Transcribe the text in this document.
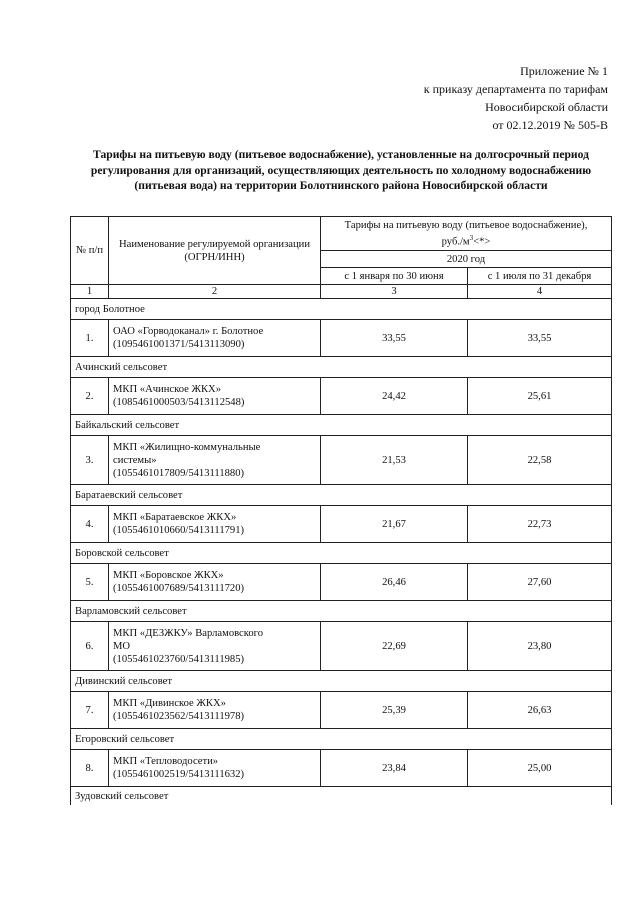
Приложение № 1
к приказу департамента по тарифам
Новосибирской области
от 02.12.2019 № 505-В
Тарифы на питьевую воду (питьевое водоснабжение), установленные на долгосрочный период регулирования для организаций, осуществляющих деятельность по холодному водоснабжению (питьевая вода) на территории Болотнинского района Новосибирской области
№ п/п	Наименование регулируемой организации (ОГРН/ИНН)	Тарифы на питьевую воду (питьевое водоснабжение),
$руб./м^3<*>$	
		2020 год	
		с 1 января по 30 июня	с 1 июля по 31 декабря
1	2	3	4
город Болотное			
1.	ОАО «Горводоканал» г. Болотное
(1095461001371/5413113090)	33,55	33,55
Ачинский сельсовет			
2.	МКП «Ачинское ЖКХ»
(1085461000503/5413112548)	24,42	25,61
Байкальский сельсовет			
3.	МКП «Жилищно-коммунальные
системы»
(1055461017809/5413111880)	21,53	22,58
Баратаевский сельсовет			
4.	МКП «Баратаевское ЖКХ»
(1055461010660/5413111791)	21,67	22,73
Боровской сельсовет			
5.	МКП «Боровское ЖКХ»
(1055461007689/5413111720)	26,46	27,60
Варламовский сельсовет			
6.	МКП «ДЕЗЖКУ» Варламовского
МО
(1055461023760/5413111985)	22,69	23,80
Дивинский сельсовет			
7.	МКП «Дивинское ЖКХ»
(1055461023562/5413111978)	25,39	26,63
Егоровский сельсовет			
8.	МКП «Тепловодосети»
(1055461002519/5413111632)	23,84	25,00
Зудовский сельсовет			
